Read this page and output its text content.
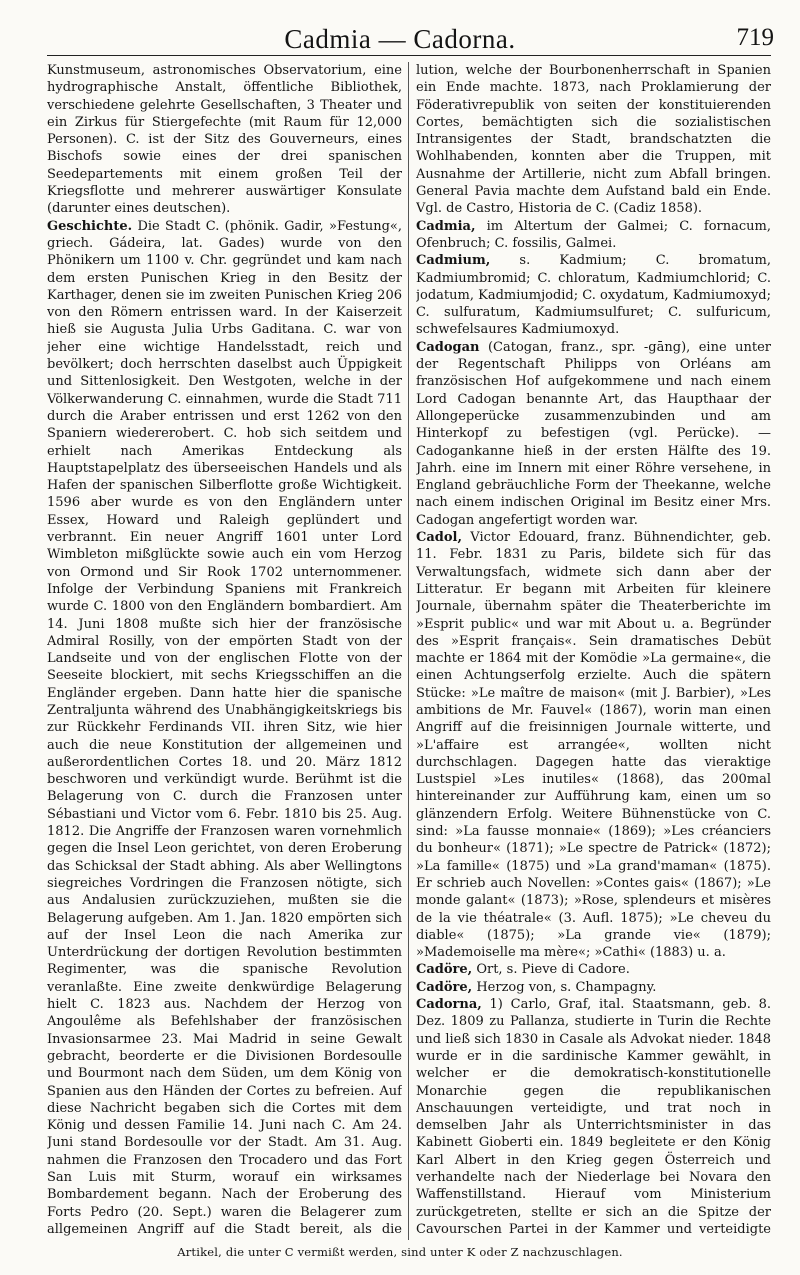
Cadmia — Cadorna.	719

Kunstmuseum, astronomisches Observatorium, eine hydrographische Anstalt, öffentliche Bibliothek, verschiedene gelehrte Gesellschaften, 3 Theater und ein Zirkus für Stiergefechte (mit Raum für 12,000 Personen). C. ist der Sitz des Gouverneurs, eines Bischofs sowie eines der drei spanischen Seedepartements mit einem großen Teil der Kriegsflotte und mehrerer auswärtiger Konsulate (darunter eines deutschen).

Geschichte. Die Stadt C. (phönik. Gadir, »Festung«, griech. Gádeira, lat. Gades) wurde von den Phönikern um 1100 v. Chr. gegründet und kam nach dem ersten Punischen Krieg in den Besitz der Karthager, denen sie im zweiten Punischen Krieg 206 von den Römern entrissen ward. In der Kaiserzeit hieß sie Augusta Julia Urbs Gaditana. C. war von jeher eine wichtige Handelsstadt, reich und bevölkert; doch herrschten daselbst auch Üppigkeit und Sittenlosigkeit. Den Westgoten, welche in der Völkerwanderung C. einnahmen, wurde die Stadt 711 durch die Araber entrissen und erst 1262 von den Spaniern wiedererobert. C. hob sich seitdem und erhielt nach Amerikas Entdeckung als Hauptstapelplatz des überseeischen Handels und als Hafen der spanischen Silberflotte große Wichtigkeit. 1596 aber wurde es von den Engländern unter Essex, Howard und Raleigh geplündert und verbrannt. Ein neuer Angriff 1601 unter Lord Wimbleton mißglückte sowie auch ein vom Herzog von Ormond und Sir Rook 1702 unternommener. Infolge der Verbindung Spaniens mit Frankreich wurde C. 1800 von den Engländern bombardiert. Am 14. Juni 1808 mußte sich hier der französische Admiral Rosilly, von der empörten Stadt von der Landseite und von der englischen Flotte von der Seeseite blockiert, mit sechs Kriegsschiffen an die Engländer ergeben. Dann hatte hier die spanische Zentraljunta während des Unabhängigkeitskriegs bis zur Rückkehr Ferdinands VII. ihren Sitz, wie hier auch die neue Konstitution der allgemeinen und außerordentlichen Cortes 18. und 20. März 1812 beschworen und verkündigt wurde. Berühmt ist die Belagerung von C. durch die Franzosen unter Sébastiani und Victor vom 6. Febr. 1810 bis 25. Aug. 1812. Die Angriffe der Franzosen waren vornehmlich gegen die Insel Leon gerichtet, von deren Eroberung das Schicksal der Stadt abhing. Als aber Wellingtons siegreiches Vordringen die Franzosen nötigte, sich aus Andalusien zurückzuziehen, mußten sie die Belagerung aufgeben. Am 1. Jan. 1820 empörten sich auf der Insel Leon die nach Amerika zur Unterdrückung der dortigen Revolution bestimmten Regimenter, was die spanische Revolution veranlaßte. Eine zweite denkwürdige Belagerung hielt C. 1823 aus. Nachdem der Herzog von Angoulême als Befehlshaber der französischen Invasionsarmee 23. Mai Madrid in seine Gewalt gebracht, beorderte er die Divisionen Bordesoulle und Bourmont nach dem Süden, um dem König von Spanien aus den Händen der Cortes zu befreien. Auf diese Nachricht begaben sich die Cortes mit dem König und dessen Familie 14. Juni nach C. Am 24. Juni stand Bordesoulle vor der Stadt. Am 31. Aug. nahmen die Franzosen den Trocadero und das Fort San Luis mit Sturm, worauf ein wirksames Bombardement begann. Nach der Eroberung des Forts Pedro (20. Sept.) waren die Belagerer zum allgemeinen Angriff auf die Stadt bereit, als die

lution, welche der Bourbonenherrschaft in Spanien ein Ende machte. 1873, nach Proklamierung der Föderativrepublik von seiten der konstituierenden Cortes, bemächtigten sich die sozialistischen Intransigentes der Stadt, brandschatzten die Wohlhabenden, konnten aber die Truppen, mit Ausnahme der Artillerie, nicht zum Abfall bringen. General Pavia machte dem Aufstand bald ein Ende. Vgl. de Castro, Historia de C. (Cadiz 1858).

Cadmia, im Altertum der Galmei; C. fornacum, Ofenbruch; C. fossilis, Galmei.

Cadmium, s. Kadmium; C. bromatum, Kadmiumbromid; C. chloratum, Kadmiumchlorid; C. jodatum, Kadmiumjodid; C. oxydatum, Kadmiumoxyd; C. sulfuratum, Kadmiumsulfuret; C. sulfuricum, schwefelsaures Kadmiumoxyd.

Cadogan (Catogan, franz., spr. -gāng), eine unter der Regentschaft Philipps von Orléans am französischen Hof aufgekommene und nach einem Lord Cadogan benannte Art, das Haupthaar der Allongeperücke zusammenzubinden und am Hinterkopf zu befestigen (vgl. Perücke). — Cadogankanne hieß in der ersten Hälfte des 19. Jahrh. eine im Innern mit einer Röhre versehene, in England gebräuchliche Form der Theekanne, welche nach einem indischen Original im Besitz einer Mrs. Cadogan angefertigt worden war.

Cadol, Victor Edouard, franz. Bühnendichter, geb. 11. Febr. 1831 zu Paris, bildete sich für das Verwaltungsfach, widmete sich dann aber der Litteratur. Er begann mit Arbeiten für kleinere Journale, übernahm später die Theaterberichte im »Esprit public« und war mit About u. a. Begründer des »Esprit français«. Sein dramatisches Debüt machte er 1864 mit der Komödie »La germaine«, die einen Achtungserfolg erzielte. Auch die spätern Stücke: »Le maître de maison« (mit J. Barbier), »Les ambitions de Mr. Fauvel« (1867), worin man einen Angriff auf die freisinnigen Journale witterte, und »L'affaire est arrangée«, wollten nicht durchschlagen. Dagegen hatte das vieraktige Lustspiel »Les inutiles« (1868), das 200mal hintereinander zur Aufführung kam, einen um so glänzendern Erfolg. Weitere Bühnenstücke von C. sind: »La fausse monnaie« (1869); »Les créanciers du bonheur« (1871); »Le spectre de Patrick« (1872); »La famille« (1875) und »La grand'maman« (1875). Er schrieb auch Novellen: »Contes gais« (1867); »Le monde galant« (1873); »Rose, splendeurs et misères de la vie théatrale« (3. Aufl. 1875); »Le cheveu du diable« (1875); »La grande vie« (1879); »Mademoiselle ma mère«; »Cathi« (1883) u. a.

Cadöre, Ort, s. Pieve di Cadore.

Cadöre, Herzog von, s. Champagny.

Cadorna, 1) Carlo, Graf, ital. Staatsmann, geb. 8. Dez. 1809 zu Pallanza, studierte in Turin die Rechte und ließ sich 1830 in Casale als Advokat nieder. 1848 wurde er in die sardinische Kammer gewählt, in welcher er die demokratisch-konstitutionelle Monarchie gegen die republikanischen Anschauungen verteidigte, und trat noch in demselben Jahr als Unterrichtsminister in das Kabinett Gioberti ein. 1849 begleitete er den König Karl Albert in den Krieg gegen Österreich und verhandelte nach der Niederlage bei Novara den Waffenstillstand. Hierauf vom Ministerium zurückgetreten, stellte er sich an die Spitze der Cavourschen Partei in der Kammer und verteidigte

Artikel, die unter C vermißt werden, sind unter K oder Z nachzuschlagen.
